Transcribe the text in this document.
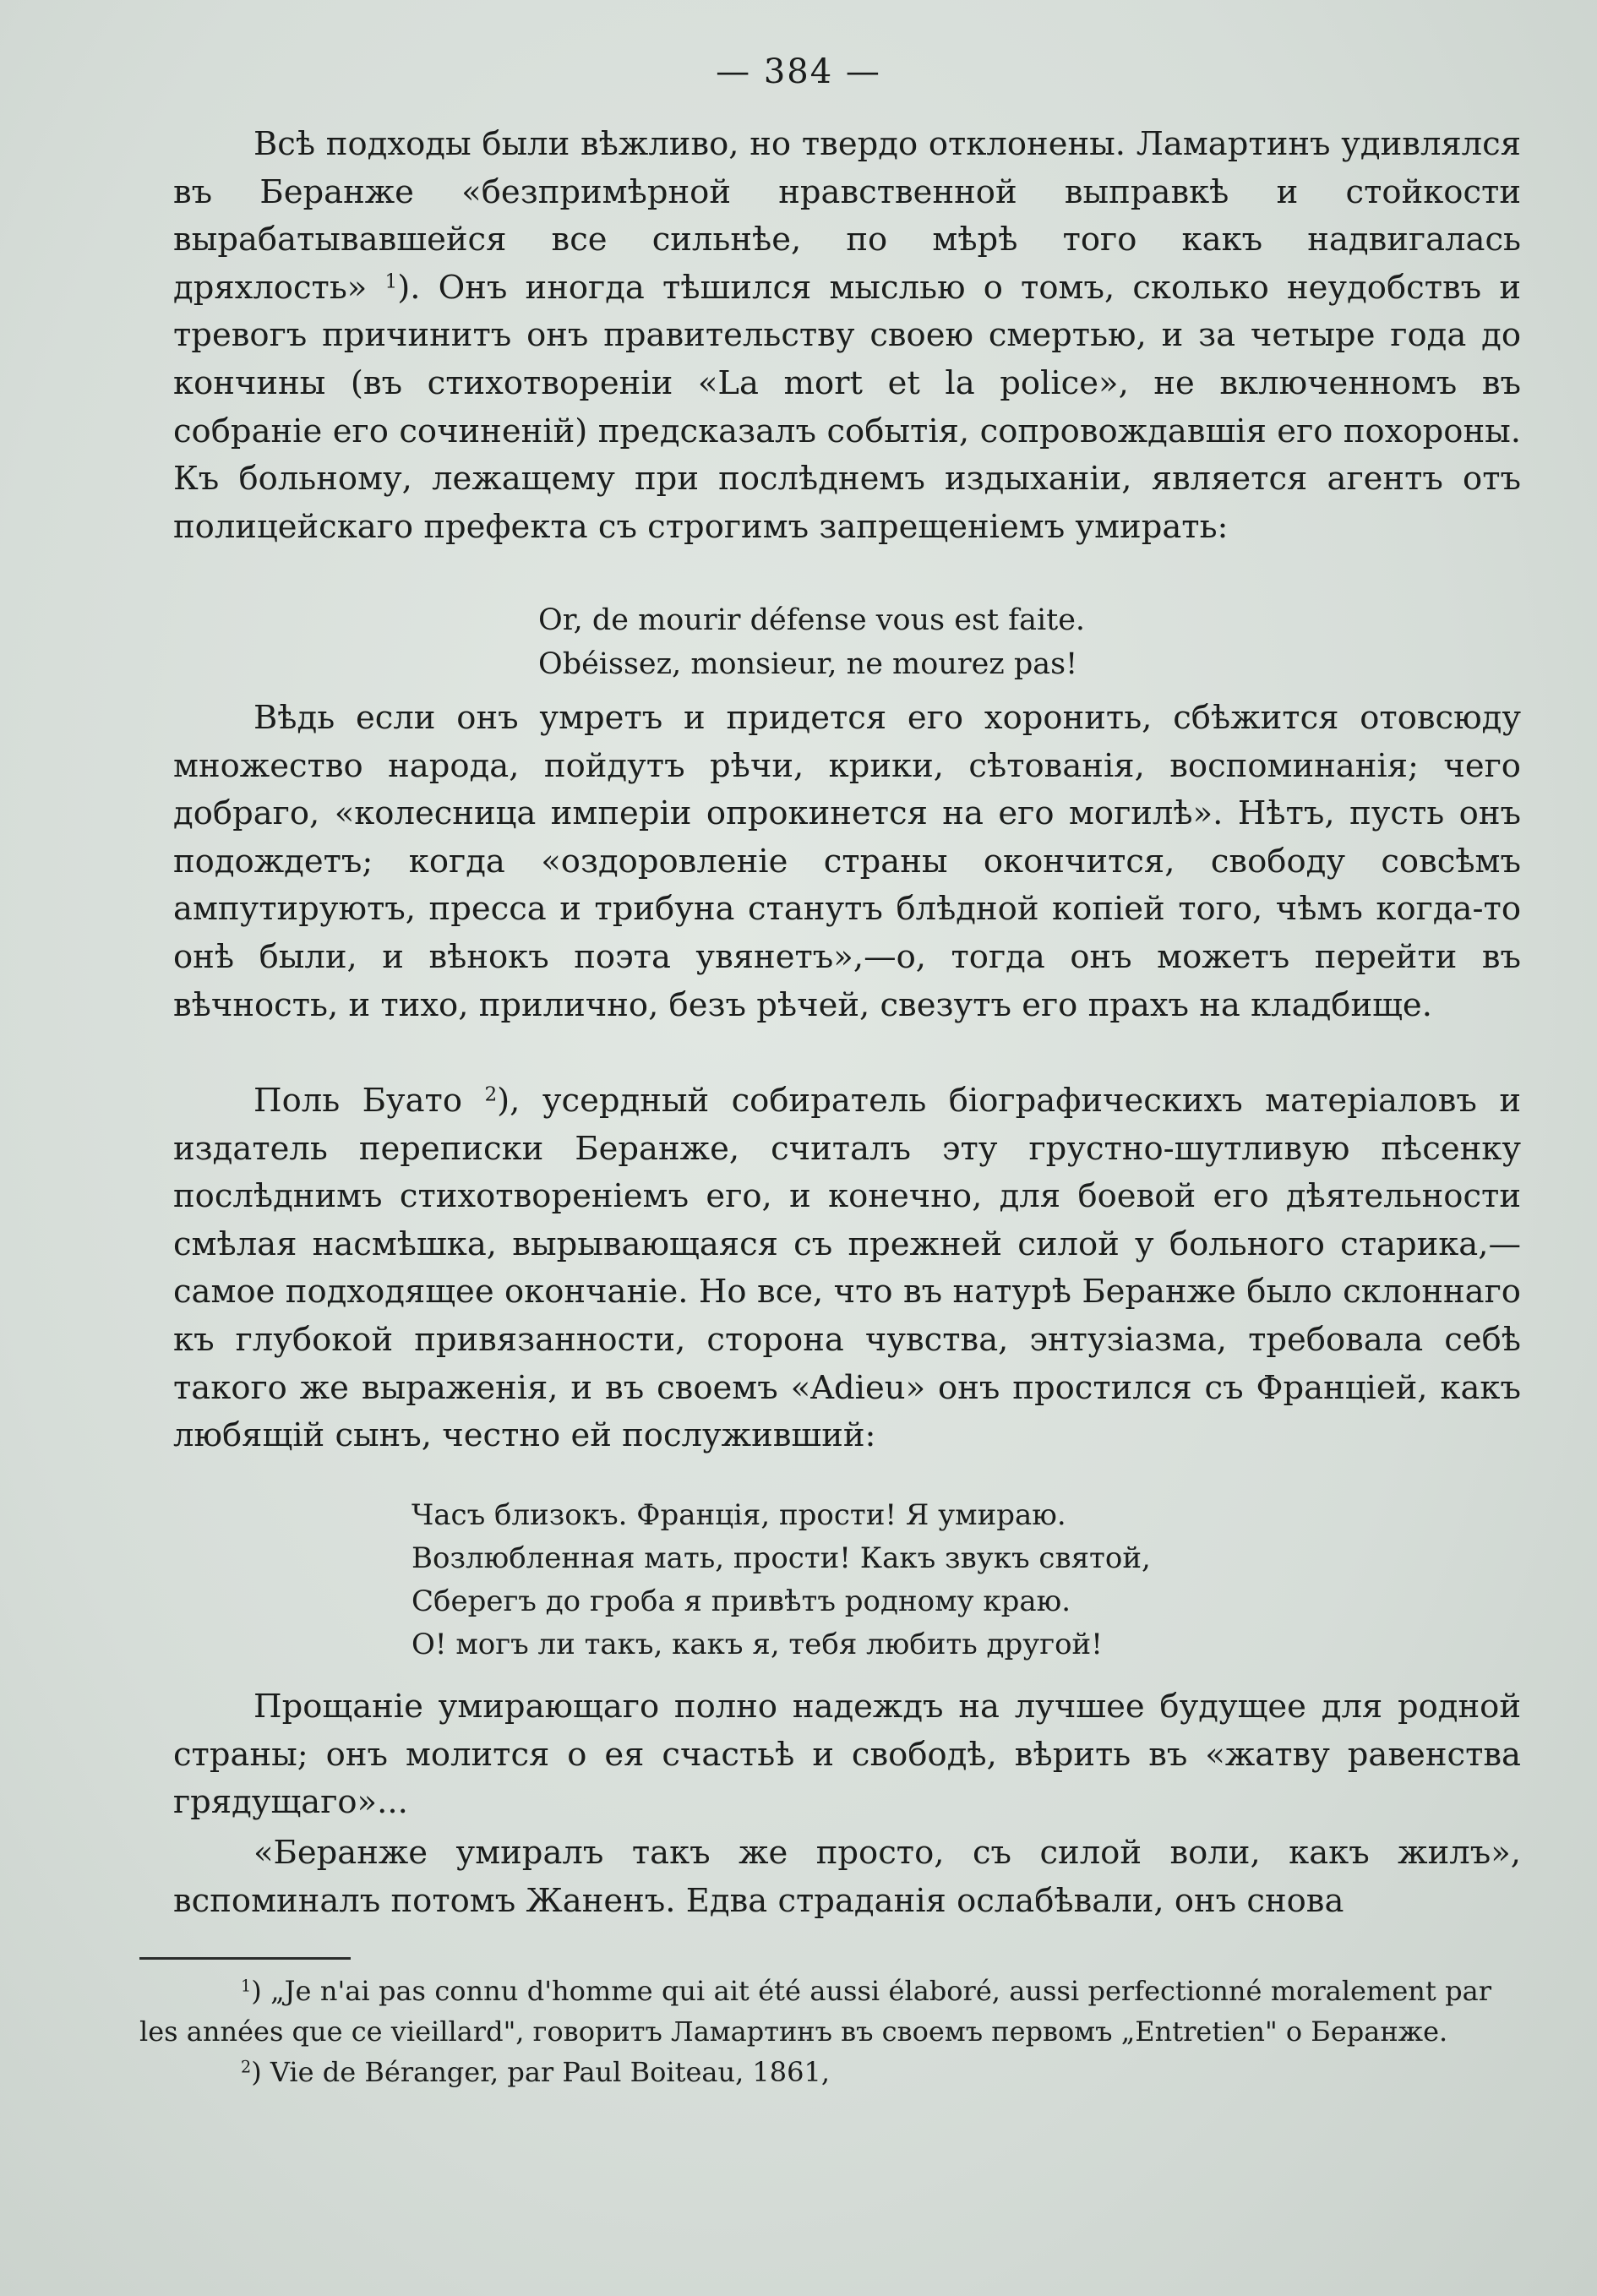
— 384 —

Всѣ подходы были вѣжливо, но твердо отклонены. Ламартинъ удивлялся въ Беранже «безпримѣрной нравственной выправкѣ и стойкости вырабатывавшейся все сильнѣе, по мѣрѣ того какъ надвигалась дряхлость» $^1$). Онъ иногда тѣшился мыслью о томъ, сколько неудобствъ и тревогъ причинитъ онъ правительству своею смертью, и за четыре года до кончины (въ стихотвореніи «La mort et la police», не включенномъ въ собраніе его сочиненій) предсказалъ событія, сопровождавшія его похороны. Къ больному, лежащему при послѣднемъ издыханіи, является агентъ отъ полицейскаго префекта съ строгимъ запрещеніемъ умирать:

Or, de mourir défense vous est faite.
Obéissez, monsieur, ne mourez pas!

Вѣдь если онъ умретъ и придется его хоронить, сбѣжится отовсюду множество народа, пойдутъ рѣчи, крики, сѣтованія, воспоминанія; чего добраго, «колесница имперіи опрокинется на его могилѣ». Нѣтъ, пусть онъ подождетъ; когда «оздоровленіе страны окончится, свободу совсѣмъ ампутируютъ, пресса и трибуна станутъ блѣдной копіей того, чѣмъ когда-то онѣ были, и вѣнокъ поэта увянетъ»,—о, тогда онъ можетъ перейти въ вѣчность, и тихо, прилично, безъ рѣчей, свезутъ его прахъ на кладбище.

Поль Буато $^2$), усердный собиратель біографическихъ матеріаловъ и издатель переписки Беранже, считалъ эту грустно-шутливую пѣсенку послѣднимъ стихотвореніемъ его, и конечно, для боевой его дѣятельности смѣлая насмѣшка, вырывающаяся съ прежней силой у больного старика,—самое подходящее окончаніе. Но все, что въ натурѣ Беранже было склоннаго къ глубокой привязанности, сторона чувства, энтузіазма, требовала себѣ такого же выраженія, и въ своемъ «Adieu» онъ простился съ Франціей, какъ любящій сынъ, честно ей послуживший:

Часъ близокъ. Франція, прости! Я умираю.
Возлюбленная мать, прости! Какъ звукъ святой,
Сберегъ до гроба я привѣтъ родному краю.
О! могъ ли такъ, какъ я, тебя любить другой!

Прощаніе умирающаго полно надеждъ на лучшее будущее для родной страны; онъ молится о ея счастьѣ и свободѣ, вѣрить въ «жатву равенства грядущаго»...

«Беранже умиралъ такъ же просто, съ силой воли, какъ жилъ», вспоминалъ потомъ Жаненъ. Едва страданія ослабѣвали, онъ снова

$^1$) „Je n'ai pas connu d'homme qui ait été aussi élaboré, aussi perfectionné moralement par les années que ce vieillard", говоритъ Ламартинъ въ своемъ первомъ „Entretien" о Беранже.

$^2$) Vie de Béranger, par Paul Boiteau, 1861,
